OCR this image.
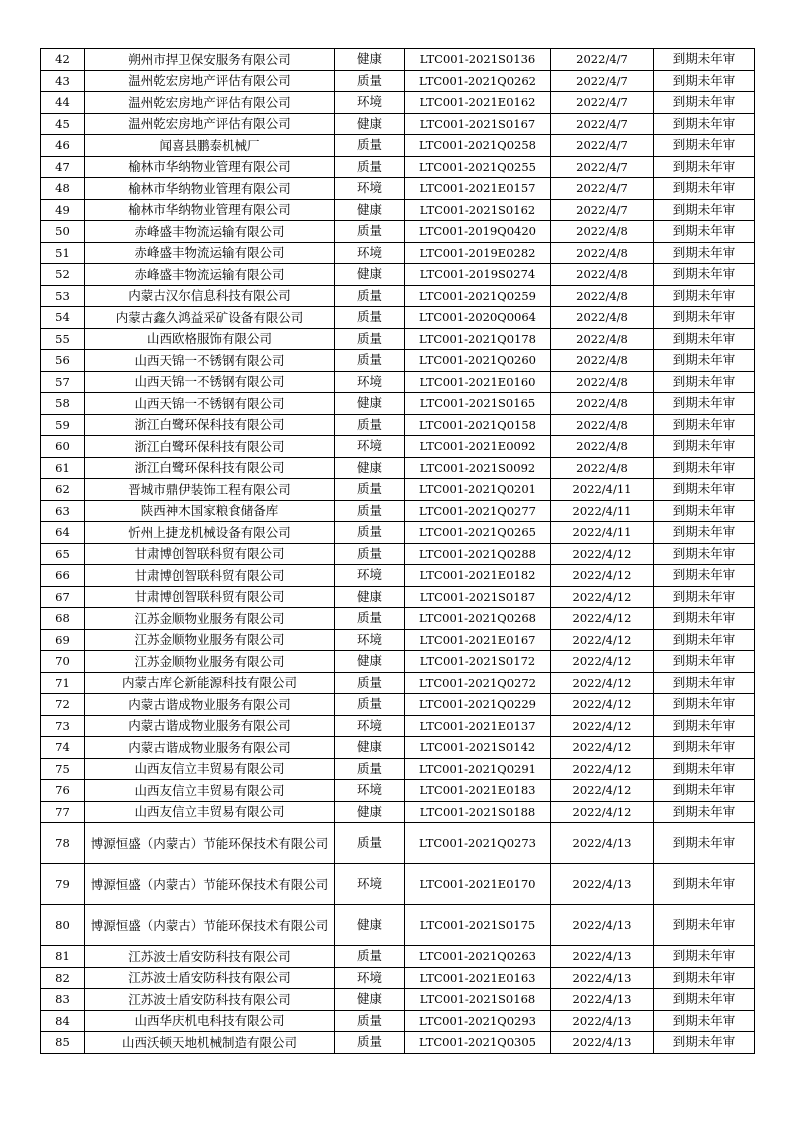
42	朔州市捍卫保安服务有限公司	健康	LTC001-2021S0136	2022/4/7	到期未年审
43	温州乾宏房地产评估有限公司	质量	LTC001-2021Q0262	2022/4/7	到期未年审
44	温州乾宏房地产评估有限公司	环境	LTC001-2021E0162	2022/4/7	到期未年审
45	温州乾宏房地产评估有限公司	健康	LTC001-2021S0167	2022/4/7	到期未年审
46	闻喜县鹏泰机械厂	质量	LTC001-2021Q0258	2022/4/7	到期未年审
47	榆林市华纳物业管理有限公司	质量	LTC001-2021Q0255	2022/4/7	到期未年审
48	榆林市华纳物业管理有限公司	环境	LTC001-2021E0157	2022/4/7	到期未年审
49	榆林市华纳物业管理有限公司	健康	LTC001-2021S0162	2022/4/7	到期未年审
50	赤峰盛丰物流运输有限公司	质量	LTC001-2019Q0420	2022/4/8	到期未年审
51	赤峰盛丰物流运输有限公司	环境	LTC001-2019E0282	2022/4/8	到期未年审
52	赤峰盛丰物流运输有限公司	健康	LTC001-2019S0274	2022/4/8	到期未年审
53	内蒙古汉尔信息科技有限公司	质量	LTC001-2021Q0259	2022/4/8	到期未年审
54	内蒙古鑫久鸿益采矿设备有限公司	质量	LTC001-2020Q0064	2022/4/8	到期未年审
55	山西欧格服饰有限公司	质量	LTC001-2021Q0178	2022/4/8	到期未年审
56	山西天锦一不锈钢有限公司	质量	LTC001-2021Q0260	2022/4/8	到期未年审
57	山西天锦一不锈钢有限公司	环境	LTC001-2021E0160	2022/4/8	到期未年审
58	山西天锦一不锈钢有限公司	健康	LTC001-2021S0165	2022/4/8	到期未年审
59	浙江白鹭环保科技有限公司	质量	LTC001-2021Q0158	2022/4/8	到期未年审
60	浙江白鹭环保科技有限公司	环境	LTC001-2021E0092	2022/4/8	到期未年审
61	浙江白鹭环保科技有限公司	健康	LTC001-2021S0092	2022/4/8	到期未年审
62	晋城市鼎伊装饰工程有限公司	质量	LTC001-2021Q0201	2022/4/11	到期未年审
63	陕西神木国家粮食储备库	质量	LTC001-2021Q0277	2022/4/11	到期未年审
64	忻州上捷龙机械设备有限公司	质量	LTC001-2021Q0265	2022/4/11	到期未年审
65	甘肃博创智联科贸有限公司	质量	LTC001-2021Q0288	2022/4/12	到期未年审
66	甘肃博创智联科贸有限公司	环境	LTC001-2021E0182	2022/4/12	到期未年审
67	甘肃博创智联科贸有限公司	健康	LTC001-2021S0187	2022/4/12	到期未年审
68	江苏金顺物业服务有限公司	质量	LTC001-2021Q0268	2022/4/12	到期未年审
69	江苏金顺物业服务有限公司	环境	LTC001-2021E0167	2022/4/12	到期未年审
70	江苏金顺物业服务有限公司	健康	LTC001-2021S0172	2022/4/12	到期未年审
71	内蒙古库仑新能源科技有限公司	质量	LTC001-2021Q0272	2022/4/12	到期未年审
72	内蒙古谐成物业服务有限公司	质量	LTC001-2021Q0229	2022/4/12	到期未年审
73	内蒙古谐成物业服务有限公司	环境	LTC001-2021E0137	2022/4/12	到期未年审
74	内蒙古谐成物业服务有限公司	健康	LTC001-2021S0142	2022/4/12	到期未年审
75	山西友信立丰贸易有限公司	质量	LTC001-2021Q0291	2022/4/12	到期未年审
76	山西友信立丰贸易有限公司	环境	LTC001-2021E0183	2022/4/12	到期未年审
77	山西友信立丰贸易有限公司	健康	LTC001-2021S0188	2022/4/12	到期未年审
78	博源恒盛（内蒙古）节能环保技术有限公司	质量	LTC001-2021Q0273	2022/4/13	到期未年审
79	博源恒盛（内蒙古）节能环保技术有限公司	环境	LTC001-2021E0170	2022/4/13	到期未年审
80	博源恒盛（内蒙古）节能环保技术有限公司	健康	LTC001-2021S0175	2022/4/13	到期未年审
81	江苏波士盾安防科技有限公司	质量	LTC001-2021Q0263	2022/4/13	到期未年审
82	江苏波士盾安防科技有限公司	环境	LTC001-2021E0163	2022/4/13	到期未年审
83	江苏波士盾安防科技有限公司	健康	LTC001-2021S0168	2022/4/13	到期未年审
84	山西华庆机电科技有限公司	质量	LTC001-2021Q0293	2022/4/13	到期未年审
85	山西沃顿天地机械制造有限公司	质量	LTC001-2021Q0305	2022/4/13	到期未年审
